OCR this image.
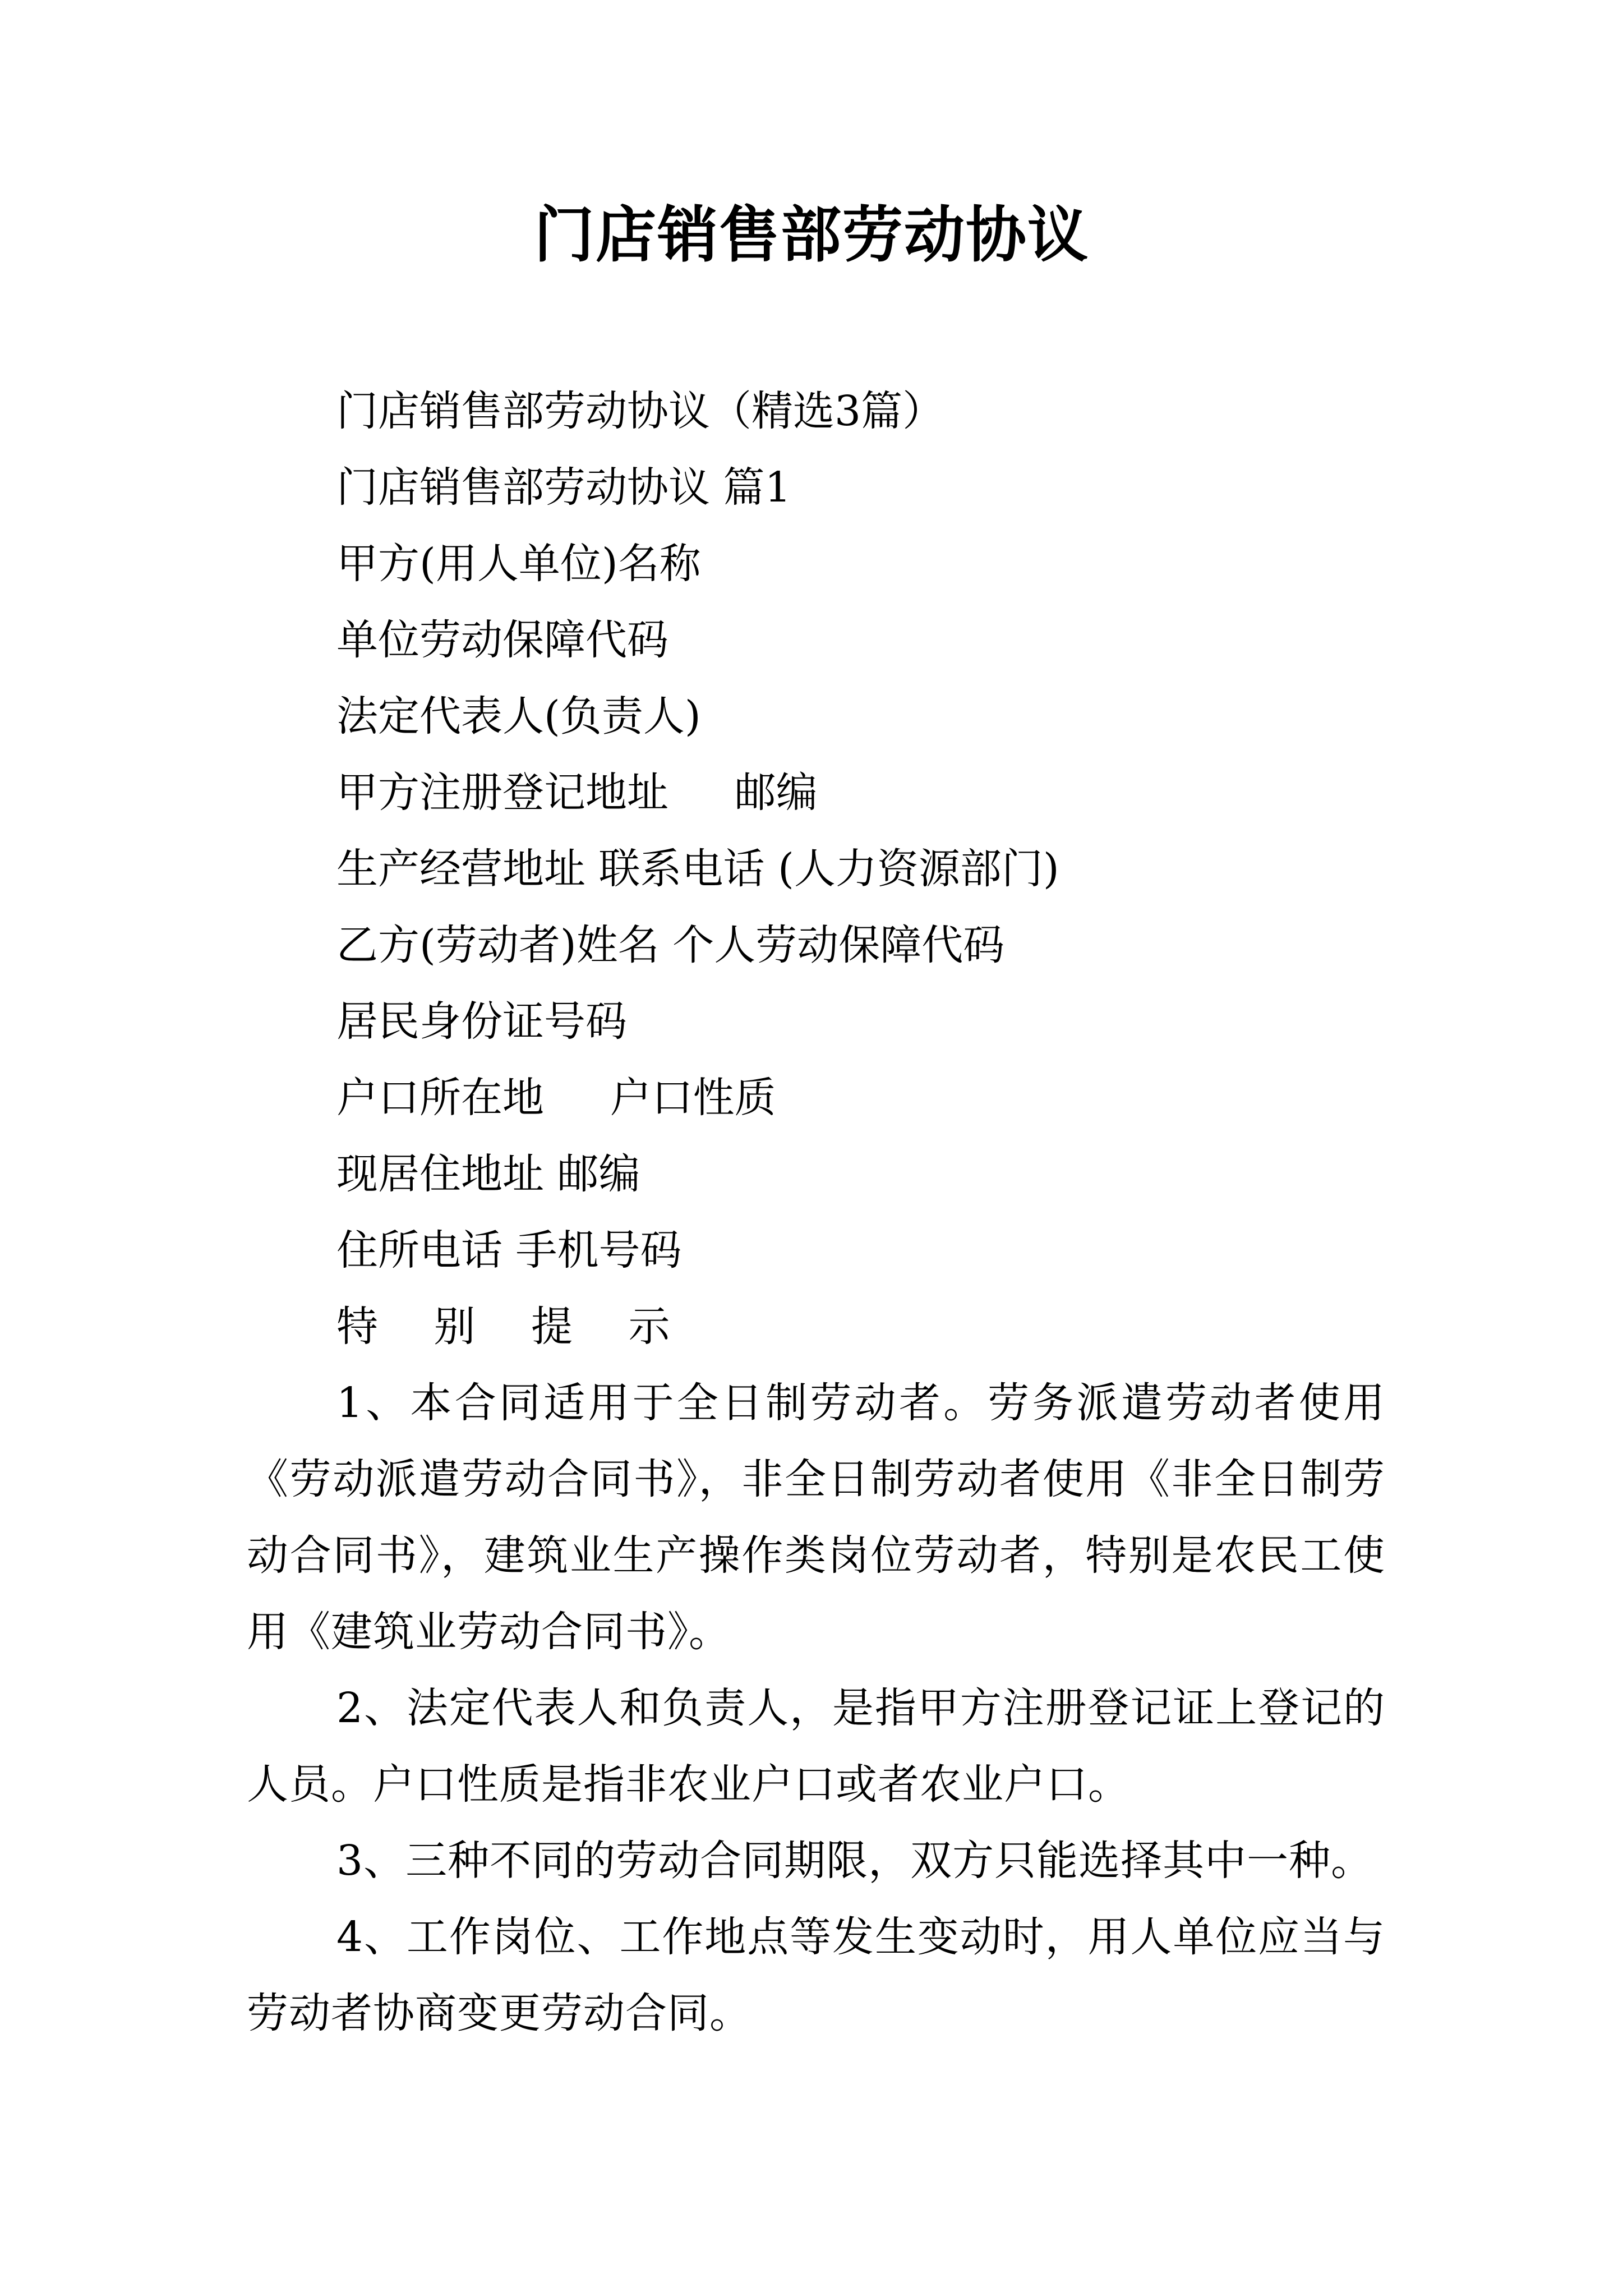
门店销售部劳动协议

门店销售部劳动协议（精选3篇）

门店销售部劳动协议 篇1

甲方(用人单位)名称

单位劳动保障代码

法定代表人(负责人)

甲方注册登记地址     邮编

生产经营地址 联系电话 (人力资源部门)

乙方(劳动者)姓名 个人劳动保障代码

居民身份证号码

户口所在地     户口性质

现居住地址 邮编

住所电话 手机号码

特 别 提 示

1、本合同适用于全日制劳动者。劳务派遣劳动者使用《劳动派遣劳动合同书》，非全日制劳动者使用《非全日制劳动合同书》，建筑业生产操作类岗位劳动者，特别是农民工使用《建筑业劳动合同书》。

2、法定代表人和负责人，是指甲方注册登记证上登记的人员。户口性质是指非农业户口或者农业户口。

3、三种不同的劳动合同期限，双方只能选择其中一种。

4、工作岗位、工作地点等发生变动时，用人单位应当与劳动者协商变更劳动合同。
